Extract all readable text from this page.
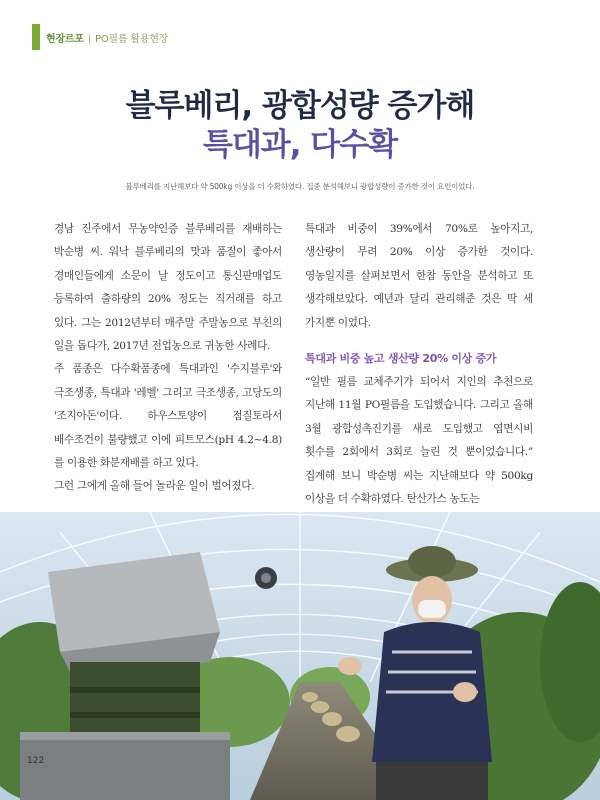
현장르포 | PO필름 활용현장
블루베리, 광합성량 증가해
특대과, 다수확
블루베리를 지난해보다 약 500kg 이상을 더 수확하였다. 집중 분석해보니 광합성량이 증가한 것이 요인이었다.

경남 진주에서 무농약인증 블루베리를 재배하는 박순병 씨. 워낙 블루베리의 맛과 품질이 좋아서 경매인들에게 소문이 날 정도이고 통신판매업도 등록하여 출하량의 20% 정도는 직거래를 하고 있다. 그는 2012년부터 매주말 주말농으로 부친의 일을 돕다가, 2017년 전업농으로 귀농한 사례다.

주 품종은 다수확품종에 특대과인 '수지블루'와 극조생종, 특대과 '레벨' 그리고 극조생종, 고당도의 '조지아돈'이다. 하우스토양이 점질토라서 배수조건이 불량했고 이에 피트모스(pH 4.2~4.8)를 이용한 화분재배를 하고 있다.

그런 그에게 올해 들어 놀라운 일이 벌어졌다.

특대과 비중이 39%에서 70%로 높아지고, 생산량이 무려 20% 이상 증가한 것이다. 영농일지를 살펴보면서 한참 동안을 분석하고 또 생각해보았다. 예년과 달리 관리해준 것은 딱 세 가지뿐 이었다.

특대과 비중 높고 생산량 20% 이상 증가

“일반 필름 교체주기가 되어서 지인의 추천으로 지난해 11월 PO필름을 도입했습니다. 그리고 올해 3월 광합성촉진기를 새로 도입했고 엽면시비 횟수를 2회에서 3회로 늘린 것 뿐이었습니다.” 집계해 보니 박순병 씨는 지난해보다 약 500kg 이상을 더 수확하였다. 탄산가스 농도는

122
